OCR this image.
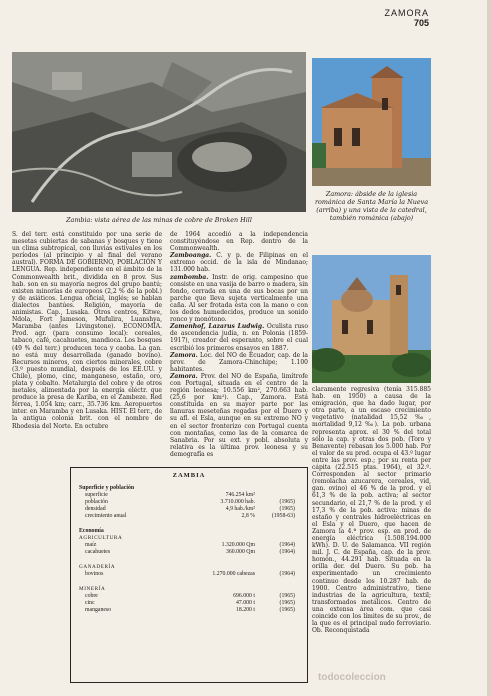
ZAMORA
705
Zambia: vista aérea de las minas de cobre de Broken Hill
Zamora: ábside de la iglesia románica de Santa María la Nueva (arriba) y una vista de la catedral, también románica (abajo)

S. del terr. está constituido por una serie de mesetas cubiertas de sabanas y bosques y tiene un clima subtropical, con lluvias estivales en los períodos (al principio y al final del verano austral). FORMA DE GOBIERNO, POBLACIÓN Y LENGUA. Rep. independiente en el ámbito de la Commonwealth brit., dividida en 8 prov. Sus hab. son en su mayoría negros del grupo bantú; existen minorías de europeos (2,2 % de la pobl.) y de asiáticos. Lengua oficial, inglés; se hablan dialectos bantúes. Religión, mayoría de animistas. Cap., Lusaka. Otros centros, Kitwe, Ndola, Fort Jameson, Mufulira, Luanshya, Maramba (antes Livingstone). ECONOMÍA. Prod. agr. (para consumo local): cereales, tabaco, café, cacahuetes, mandioca. Los bosques (49 % del terr.) producen teca y caoba. La gan. no está muy desarrollada (ganado bovino). Recursos mineros, con ciertos minerales, cobre (3.º puesto mundial, después de los EE.UU. y Chile), plomo, cinc, manganeso, estaño, oro, plata y cobalto. Metalurgia del cobre y de otros metales, alimentada por la energía eléctr. que produce la presa de Kariba, en el Zambeze. Red férrea, 1.054 km; carr., 35.736 km. Aeropuertos inter. en Maramba y en Lusaka. HIST. El terr., de la antigua colonia brit. con el nombre de Rhodesia del Norte. En octubre

de 1964 accedió a la independencia constituyéndose en Rep. dentro de la Commonwealth.

Zamboanga. C. y p. de Filipinas en el extremo occid. de la isla de Mindanao; 131.000 hab.

zambomba. Instr. de orig. campesino que consiste en una vasija de barro o madera, sin fondo, cerrada en una de sus bocas por un parche que lleva sujeta verticalmente una caña. Al ser frotada ésta con la mano o con los dedos humedecidos, produce un sonido ronco y monótono.

Zamenhof, Lazarus Ludwig. Oculista ruso de ascendencia judía, n. en Polonia (1859-1917), creador del esperanto, sobre el cual escribió los primeros ensayos en 1887.

Zamora. Loc. del NO de Ecuador, cap. de la prov. de Zamora-Chinchipe; 1.100 habitantes.

Zamora. Prov. del NO de España, limítrofe con Portugal, situada en el centro de la región leonesa; 10.556 km², 270.663 hab. (25,6 por km²). Cap., Zamora. Está constituida en su mayor parte por las llanuras meseteñas regadas por el Duero y su afl. el Esla, aunque en su extremo NO y en el sector fronterizo con Portugal cuenta con montañas, como las de la comarca de Sanabria. Por su ext. y pobl. absoluta y relativa es la última prov. leonesa y su demografía es

claramente regresiva (tenía 315.885 hab. en 1950) a causa de la emigración, que ha dado lugar, por otra parte, a un escaso crecimiento vegetativo (natalidad 15,52 ‰, mortalidad 9,12 ‰). La pob. urbana representa aprox. el 30 % del total sólo la cap. y otras dos pob. (Toro y Benavente) rebasan los 5.000 hab. Por el valor de su prod. ocupa el 43.º lugar entre las prov. esp.; por su renta per cápita (22.515 ptas. 1964), el 32.º. Corresponden al sector primario (remolacha azucarera, cereales, vid, gan. ovino) el 46 % de la prod. y el 61,3 % de la pob. activa; al sector secundario, el 21,7 % de la prod. y el 17,3 % de la pob. activa: minas de estaño y centrales hidroeléctricas en el Esla y el Duero, que hacen de Zamora la 4.ª prov. esp. en prod. de energía eléctrica (1.508.194.000 kWh). D. U. de Salamanca. VII región mil. J. C. de España, cap. de la prov. homón., 44.291 hab. Situada en la orilla der. del Duero. Su pob. ha experimentado un crecimiento continuo desde los 10.287 hab. de 1900. Centro administrativo, tiene industrias de la agricultura, textil; transformados metálicos. Centro de una extensa área com. que casi coincide con los límites de su prov., de la que es el principal nudo ferroviario. Ob. Reconquistada

ZAMBIA
Superficie y población
superficie	746.254 km²
población	3.710.000 hab.	(1965)
densidad	4,9 hab./km²	(1965)
crecimiento anual	2,8 %	(1958-63)
Economía
AGRICULTURA
maíz	1.320.000 Qm	(1964)
cacahuetes	360.000 Qm	(1964)
GANADERÍA
bovinos	1.270.000 cabezas	(1964)
MINERÍA
cobre	696.000 t	(1965)
cinc	47.000 t	(1965)
manganeso	18.200 t	(1965)
todocoleccion
